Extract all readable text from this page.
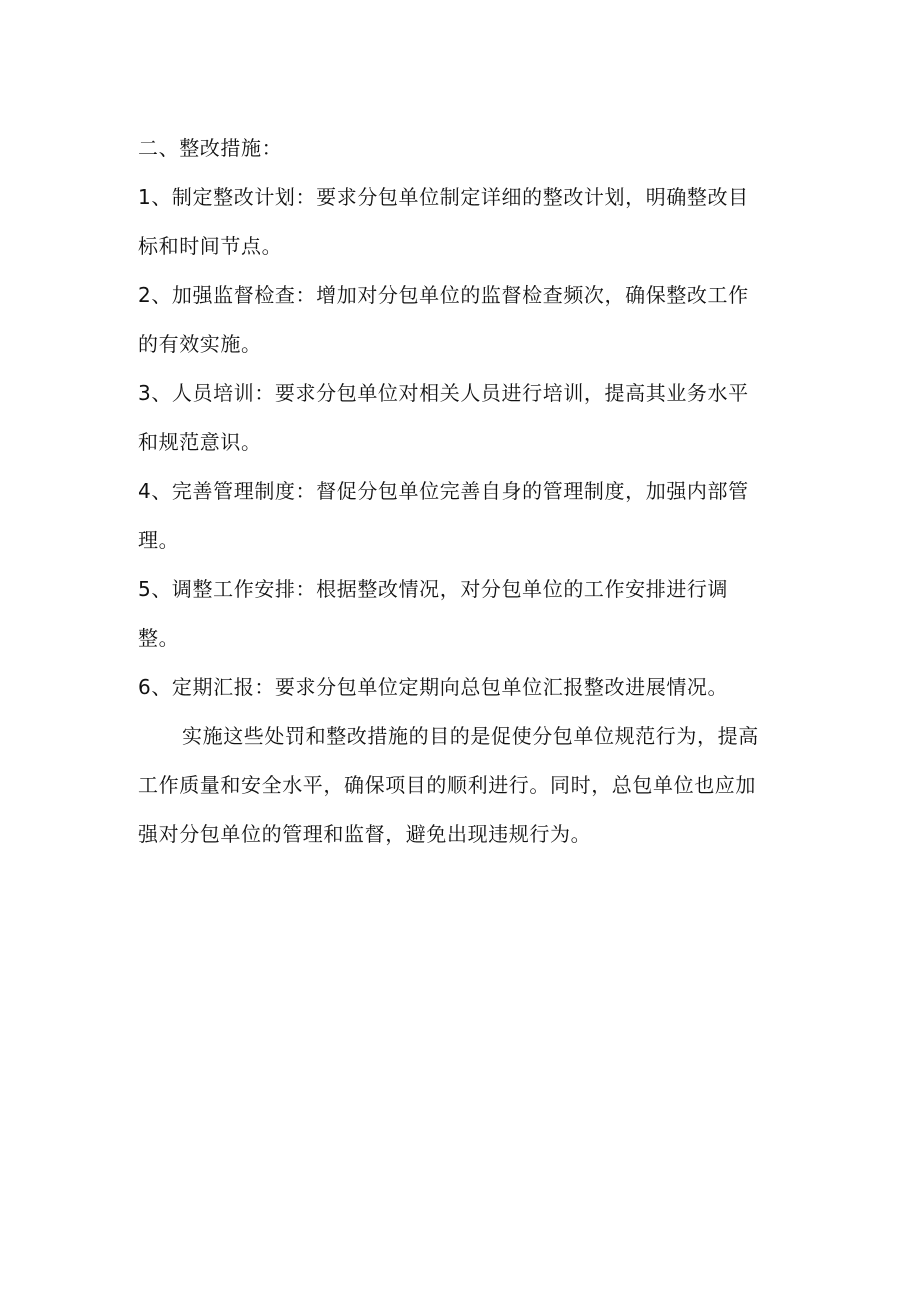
二、整改措施：
1、制定整改计划：要求分包单位制定详细的整改计划，明确整改目
标和时间节点。
2、加强监督检查：增加对分包单位的监督检查频次，确保整改工作
的有效实施。
3、人员培训：要求分包单位对相关人员进行培训，提高其业务水平
和规范意识。
4、完善管理制度：督促分包单位完善自身的管理制度，加强内部管
理。
5、调整工作安排：根据整改情况，对分包单位的工作安排进行调
整。
6、定期汇报：要求分包单位定期向总包单位汇报整改进展情况。
实施这些处罚和整改措施的目的是促使分包单位规范行为，提高
工作质量和安全水平，确保项目的顺利进行。同时，总包单位也应加
强对分包单位的管理和监督，避免出现违规行为。
